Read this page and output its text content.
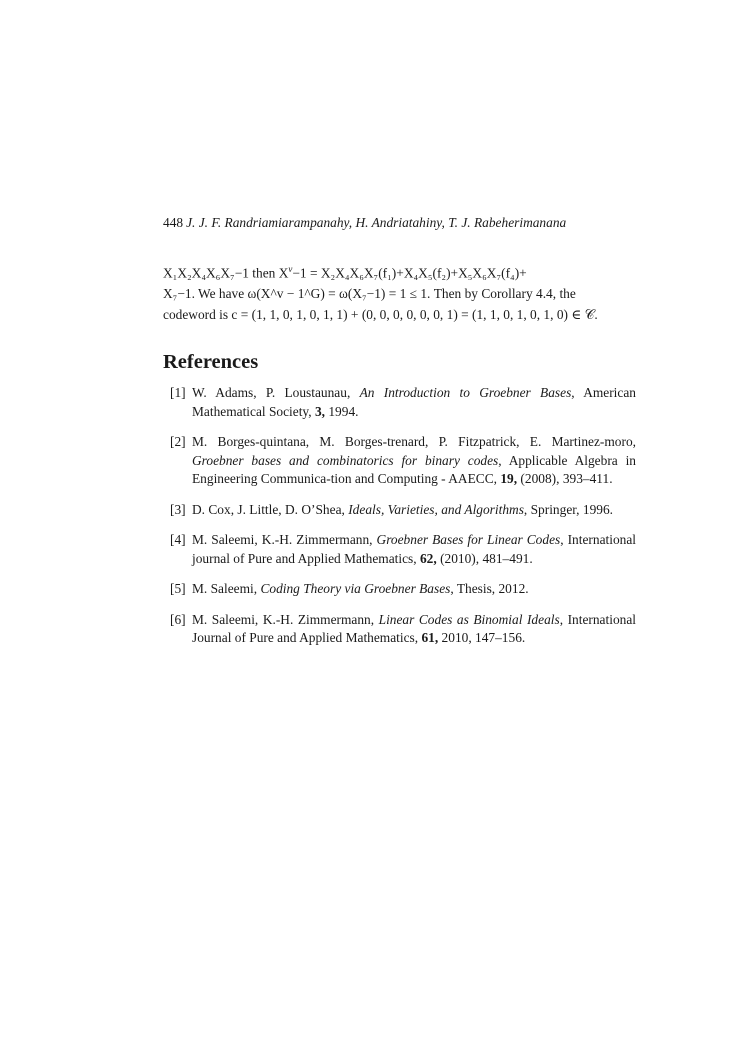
448 J. J. F. Randriamiarampanahy, H. Andriatahiny, T. J. Rabeherimanana
X₁X₂X₄X₆X₇−1 then $X^v-1 = X_2X_4X_6X_7(f_1)+X_4X_5(f_2)+X_5X_6X_7(f_4)+$
X₇−1. We have ω(X^v − 1^G) = ω(X₇−1) = 1 ≤ 1. Then by Corollary 4.4, the
codeword is c = (1, 1, 0, 1, 0, 1, 1) + (0, 0, 0, 0, 0, 0, 1) = (1, 1, 0, 1, 0, 1, 0) ∈ 𝒞.
References
[1] W. Adams, P. Loustaunau, An Introduction to Groebner Bases, American Mathematical Society, 3, 1994.
[2] M. Borges-quintana, M. Borges-trenard, P. Fitzpatrick, E. Martinez-moro, Groebner bases and combinatorics for binary codes, Applicable Algebra in Engineering Communica-tion and Computing - AAECC, 19, (2008), 393–411.
[3] D. Cox, J. Little, D. O’Shea, Ideals, Varieties, and Algorithms, Springer, 1996.
[4] M. Saleemi, K.-H. Zimmermann, Groebner Bases for Linear Codes, International journal of Pure and Applied Mathematics, 62, (2010), 481–491.
[5] M. Saleemi, Coding Theory via Groebner Bases, Thesis, 2012.
[6] M. Saleemi, K.-H. Zimmermann, Linear Codes as Binomial Ideals, International Journal of Pure and Applied Mathematics, 61, 2010, 147–156.
